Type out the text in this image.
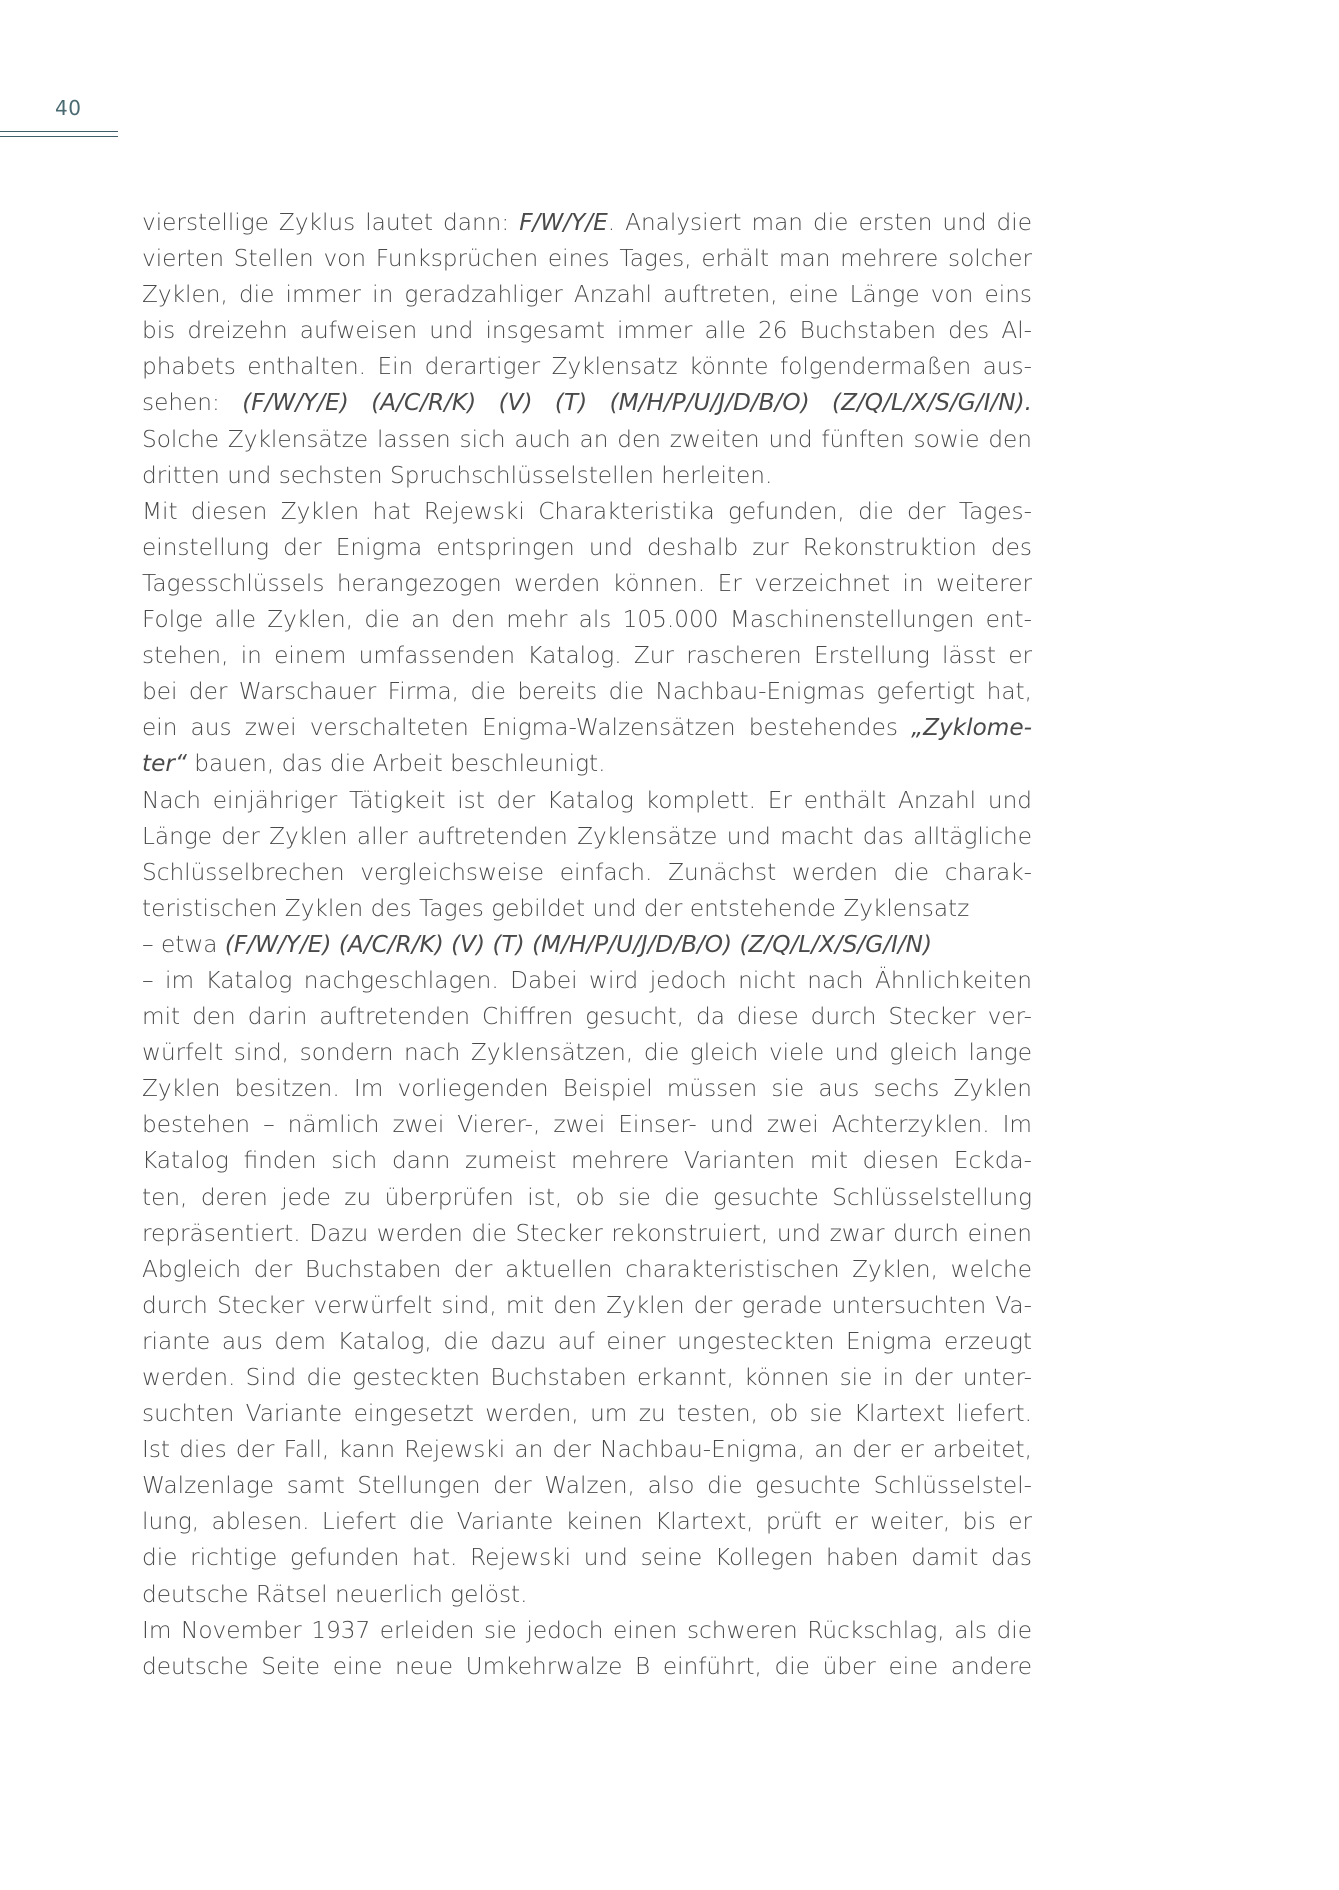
40
vierstellige Zyklus lautet dann: F/W/Y/E. Analysiert man die ersten und die
vierten Stellen von Funksprüchen eines Tages, erhält man mehrere solcher
Zyklen, die immer in geradzahliger Anzahl auftreten, eine Länge von eins
bis dreizehn aufweisen und insgesamt immer alle 26 Buchstaben des Al-
phabets enthalten. Ein derartiger Zyklensatz könnte folgendermaßen aus-
sehen: (F/W/Y/E) (A/C/R/K) (V) (T) (M/H/P/U/J/D/B/O) (Z/Q/L/X/S/G/I/N).
Solche Zyklensätze lassen sich auch an den zweiten und fünften sowie den
dritten und sechsten Spruchschlüsselstellen herleiten.
Mit diesen Zyklen hat Rejewski Charakteristika gefunden, die der Tages-
einstellung der Enigma entspringen und deshalb zur Rekonstruktion des
Tagesschlüssels herangezogen werden können. Er verzeichnet in weiterer
Folge alle Zyklen, die an den mehr als 105.000 Maschinenstellungen ent-
stehen, in einem umfassenden Katalog. Zur rascheren Erstellung lässt er
bei der Warschauer Firma, die bereits die Nachbau-Enigmas gefertigt hat,
ein aus zwei verschalteten Enigma-Walzensätzen bestehendes „Zyklome-
ter“ bauen, das die Arbeit beschleunigt.
Nach einjähriger Tätigkeit ist der Katalog komplett. Er enthält Anzahl und
Länge der Zyklen aller auftretenden Zyklensätze und macht das alltägliche
Schlüsselbrechen vergleichsweise einfach. Zunächst werden die charak-
teristischen Zyklen des Tages gebildet und der entstehende Zyklensatz
– etwa (F/W/Y/E) (A/C/R/K) (V) (T) (M/H/P/U/J/D/B/O) (Z/Q/L/X/S/G/I/N)
– im Katalog nachgeschlagen. Dabei wird jedoch nicht nach Ähnlichkeiten
mit den darin auftretenden Chiffren gesucht, da diese durch Stecker ver-
würfelt sind, sondern nach Zyklensätzen, die gleich viele und gleich lange
Zyklen besitzen. Im vorliegenden Beispiel müssen sie aus sechs Zyklen
bestehen – nämlich zwei Vierer-, zwei Einser- und zwei Achterzyklen. Im
Katalog finden sich dann zumeist mehrere Varianten mit diesen Eckda-
ten, deren jede zu überprüfen ist, ob sie die gesuchte Schlüsselstellung
repräsentiert. Dazu werden die Stecker rekonstruiert, und zwar durch einen
Abgleich der Buchstaben der aktuellen charakteristischen Zyklen, welche
durch Stecker verwürfelt sind, mit den Zyklen der gerade untersuchten Va-
riante aus dem Katalog, die dazu auf einer ungesteckten Enigma erzeugt
werden. Sind die gesteckten Buchstaben erkannt, können sie in der unter-
suchten Variante eingesetzt werden, um zu testen, ob sie Klartext liefert.
Ist dies der Fall, kann Rejewski an der Nachbau-Enigma, an der er arbeitet,
Walzenlage samt Stellungen der Walzen, also die gesuchte Schlüsselstel-
lung, ablesen. Liefert die Variante keinen Klartext, prüft er weiter, bis er
die richtige gefunden hat. Rejewski und seine Kollegen haben damit das
deutsche Rätsel neuerlich gelöst.
Im November 1937 erleiden sie jedoch einen schweren Rückschlag, als die
deutsche Seite eine neue Umkehrwalze B einführt, die über eine andere
